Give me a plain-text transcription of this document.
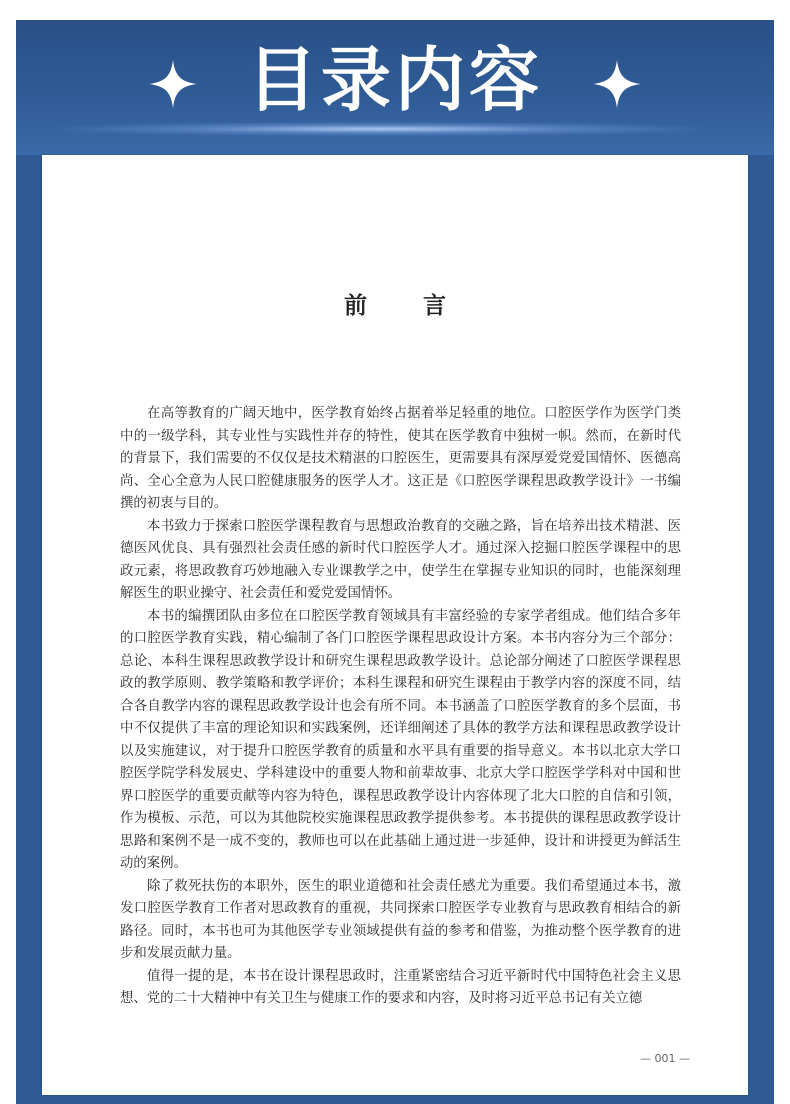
目录内容
前 言

在高等教育的广阔天地中，医学教育始终占据着举足轻重的地位。口腔医学作为医学门类中的一级学科，其专业性与实践性并存的特性，使其在医学教育中独树一帜。然而，在新时代的背景下，我们需要的不仅仅是技术精湛的口腔医生，更需要具有深厚爱党爱国情怀、医德高尚、全心全意为人民口腔健康服务的医学人才。这正是《口腔医学课程思政教学设计》一书编撰的初衷与目的。

本书致力于探索口腔医学课程教育与思想政治教育的交融之路，旨在培养出技术精湛、医德医风优良、具有强烈社会责任感的新时代口腔医学人才。通过深入挖掘口腔医学课程中的思政元素，将思政教育巧妙地融入专业课教学之中，使学生在掌握专业知识的同时，也能深刻理解医生的职业操守、社会责任和爱党爱国情怀。

本书的编撰团队由多位在口腔医学教育领域具有丰富经验的专家学者组成。他们结合多年的口腔医学教育实践，精心编制了各门口腔医学课程思政设计方案。本书内容分为三个部分：总论、本科生课程思政教学设计和研究生课程思政教学设计。总论部分阐述了口腔医学课程思政的教学原则、教学策略和教学评价；本科生课程和研究生课程由于教学内容的深度不同，结合各自教学内容的课程思政教学设计也会有所不同。本书涵盖了口腔医学教育的多个层面，书中不仅提供了丰富的理论知识和实践案例，还详细阐述了具体的教学方法和课程思政教学设计以及实施建议，对于提升口腔医学教育的质量和水平具有重要的指导意义。本书以北京大学口腔医学院学科发展史、学科建设中的重要人物和前辈故事、北京大学口腔医学学科对中国和世界口腔医学的重要贡献等内容为特色，课程思政教学设计内容体现了北大口腔的自信和引领，作为模板、示范，可以为其他院校实施课程思政教学提供参考。本书提供的课程思政教学设计思路和案例不是一成不变的，教师也可以在此基础上通过进一步延伸，设计和讲授更为鲜活生动的案例。

除了救死扶伤的本职外，医生的职业道德和社会责任感尤为重要。我们希望通过本书，激发口腔医学教育工作者对思政教育的重视，共同探索口腔医学专业教育与思政教育相结合的新路径。同时，本书也可为其他医学专业领域提供有益的参考和借鉴，为推动整个医学教育的进步和发展贡献力量。

值得一提的是，本书在设计课程思政时，注重紧密结合习近平新时代中国特色社会主义思想、党的二十大精神中有关卫生与健康工作的要求和内容，及时将习近平总书记有关立德

— 001 —
